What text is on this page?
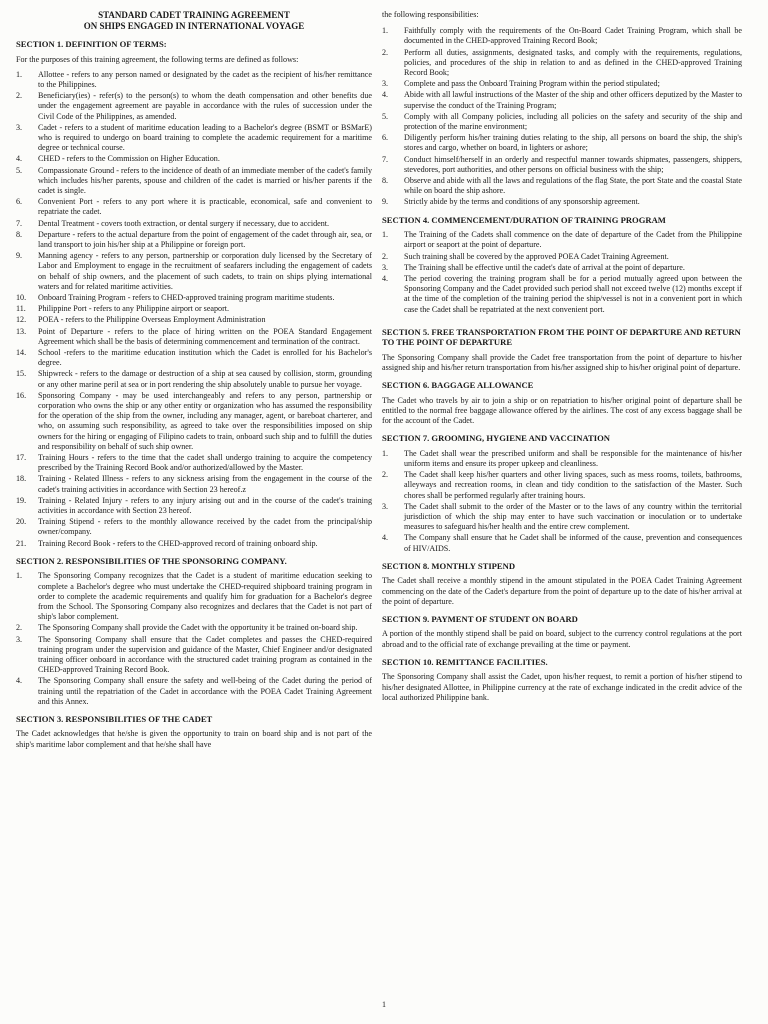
STANDARD CADET TRAINING AGREEMENT
ON SHIPS ENGAGED IN INTERNATIONAL VOYAGE
SECTION 1. DEFINITION OF TERMS:

For the purposes of this training agreement, the following terms are defined as follows:

1.	Allottee - refers to any person named or designated by the cadet as the recipient of his/her remittance to the Philippines.
2.	Beneficiary(ies) - refer(s) to the person(s) to whom the death compensation and other benefits due under the engagement agreement are payable in accordance with the rules of succession under the Civil Code of the Philippines, as amended.
3.	Cadet - refers to a student of maritime education leading to a Bachelor's degree (BSMT or BSMarE) who is required to undergo on board training to complete the academic requirement for a maritime degree or technical course.
4.	CHED - refers to the Commission on Higher Education.
5.	Compassionate Ground - refers to the incidence of death of an immediate member of the cadet's family which includes his/her parents, spouse and children of the cadet is married or his/her parents if the cadet is single.
6.	Convenient Port - refers to any port where it is practicable, economical, safe and convenient to repatriate the cadet.
7.	Dental Treatment - covers tooth extraction, or dental surgery if necessary, due to accident.
8.	Departure - refers to the actual departure from the point of engagement of the cadet through air, sea, or land transport to join his/her ship at a Philippine or foreign port.
9.	Manning agency - refers to any person, partnership or corporation duly licensed by the Secretary of Labor and Employment to engage in the recruitment of seafarers including the engagement of cadets on behalf of ship owners, and the placement of such cadets, to train on ships plying international waters and for related maritime activities.
10.	Onboard Training Program - refers to CHED-approved training program maritime students.
11.	Philippine Port - refers to any Philippine airport or seaport.
12.	POEA - refers to the Philippine Overseas Employment Administration
13.	Point of Departure - refers to the place of hiring written on the POEA Standard Engagement Agreement which shall be the basis of determining commencement and termination of the contract.
14.	School -refers to the maritime education institution which the Cadet is enrolled for his Bachelor's degree.
15.	Shipwreck - refers to the damage or destruction of a ship at sea caused by collision, storm, grounding or any other marine peril at sea or in port rendering the ship absolutely unable to pursue her voyage.
16.	Sponsoring Company - may be used interchangeably and refers to any person, partnership or corporation who owns the ship or any other entity or organization who has assumed the responsibility for the operation of the ship from the owner, including any manager, agent, or bareboat charterer, and who, on assuming such responsibility, as agreed to take over the responsibilities imposed on ship owners for the hiring or engaging of Filipino cadets to train, onboard such ship and to fulfill the duties and responsibility on behalf of such ship owner.
17.	Training Hours - refers to the time that the cadet shall undergo training to acquire the competency prescribed by the Training Record Book and/or authorized/allowed by the Master.
18.	Training - Related Illness - refers to any sickness arising from the engagement in the course of the cadet's training activities in accordance with Section 23 hereof.z
19.	Training - Related Injury - refers to any injury arising out and in the course of the cadet's training activities in accordance with Section 23 hereof.
20.	Training Stipend - refers to the monthly allowance received by the cadet from the principal/ship owner/company.
21.	Training Record Book - refers to the CHED-approved record of training onboard ship.
SECTION 2. RESPONSIBILITIES OF THE SPONSORING COMPANY.
1.	The Sponsoring Company recognizes that the Cadet is a student of maritime education seeking to complete a Bachelor's degree who must undertake the CHED-required shipboard training program in order to complete the academic requirements and qualify him for graduation for a Bachelor's degree from the School. The Sponsoring Company also recognizes and declares that the Cadet is not part of ship's labor complement.
2.	The Sponsoring Company shall provide the Cadet with the opportunity it be trained on-board ship.
3.	The Sponsoring Company shall ensure that the Cadet completes and passes the CHED-required training program under the supervision and guidance of the Master, Chief Engineer and/or designated training officer onboard in accordance with the structured cadet training program as contained in the CHED-approved Training Record Book.
4.	The Sponsoring Company shall ensure the safety and well-being of the Cadet during the period of training until the repatriation of the Cadet in accordance with the POEA Cadet Training Agreement and this Annex.
SECTION 3. RESPONSIBILITIES OF THE CADET

The Cadet acknowledges that he/she is given the opportunity to train on board ship and is not part of the ship's maritime labor complement and that he/she shall have

the following responsibilities:

1.	Faithfully comply with the requirements of the On-Board Cadet Training Program, which shall be documented in the CHED-approved Training Record Book;
2.	Perform all duties, assignments, designated tasks, and comply with the requirements, regulations, policies, and procedures of the ship in relation to and as defined in the CHED-approved Training Record Book;
3.	Complete and pass the Onboard Training Program within the period stipulated;
4.	Abide with all lawful instructions of the Master of the ship and other officers deputized by the Master to supervise the conduct of the Training Program;
5.	Comply with all Company policies, including all policies on the safety and security of the ship and protection of the marine environment;
6.	Diligently perform his/her training duties relating to the ship, all persons on board the ship, the ship's stores and cargo, whether on board, in lighters or ashore;
7.	Conduct himself/herself in an orderly and respectful manner towards shipmates, passengers, shippers, stevedores, port authorities, and other persons on official business with the ship;
8.	Observe and abide with all the laws and regulations of the flag State, the port State and the coastal State while on board the ship ashore.
9.	Strictly abide by the terms and conditions of any sponsorship agreement.
SECTION 4. COMMENCEMENT/DURATION OF TRAINING PROGRAM
1.	The Training of the Cadets shall commence on the date of departure of the Cadet from the Philippine airport or seaport at the point of departure.
2.	Such training shall be covered by the approved POEA Cadet Training Agreement.
3.	The Training shall be effective until the cadet's date of arrival at the point of departure.
4.	The period covering the training program shall be for a period mutually agreed upon between the Sponsoring Company and the Cadet provided such period shall not exceed twelve (12) months except if at the time of the completion of the training period the ship/vessel is not in a convenient port in which case the Cadet shall be repatriated at the next convenient port.
SECTION 5. FREE TRANSPORTATION FROM THE POINT OF DEPARTURE AND RETURN TO THE POINT OF DEPARTURE

The Sponsoring Company shall provide the Cadet free transportation from the point of departure to his/her assigned ship and his/her return transportation from his/her assigned ship to his/her original point of departure.

SECTION 6. BAGGAGE ALLOWANCE

The Cadet who travels by air to join a ship or on repatriation to his/her original point of departure shall be entitled to the normal free baggage allowance offered by the airlines. The cost of any excess baggage shall be for the account of the Cadet.

SECTION 7. GROOMING, HYGIENE AND VACCINATION
1.	The Cadet shall wear the prescribed uniform and shall be responsible for the maintenance of his/her uniform items and ensure its proper upkeep and cleanliness.
2.	The Cadet shall keep his/her quarters and other living spaces, such as mess rooms, toilets, bathrooms, alleyways and recreation rooms, in clean and tidy condition to the satisfaction of the Master. Such chores shall be performed regularly after training hours.
3.	The Cadet shall submit to the order of the Master or to the laws of any country within the territorial jurisdiction of which the ship may enter to have such vaccination or inoculation or to undertake measures to safeguard his/her health and the entire crew complement.
4.	The Company shall ensure that he Cadet shall be informed of the cause, prevention and consequences of HIV/AIDS.
SECTION 8. MONTHLY STIPEND

The Cadet shall receive a monthly stipend in the amount stipulated in the POEA Cadet Training Agreement commencing on the date of the Cadet's departure from the point of departure up to the date of his/her arrival at the point of departure.

SECTION 9. PAYMENT OF STUDENT ON BOARD

A portion of the monthly stipend shall be paid on board, subject to the currency control regulations at the port abroad and to the official rate of exchange prevailing at the time or payment.

SECTION 10. REMITTANCE FACILITIES.

The Sponsoring Company shall assist the Cadet, upon his/her request, to remit a portion of his/her stipend to his/her designated Allottee, in Philippine currency at the rate of exchange indicated in the credit advice of the local authorized Philippine bank.

1
